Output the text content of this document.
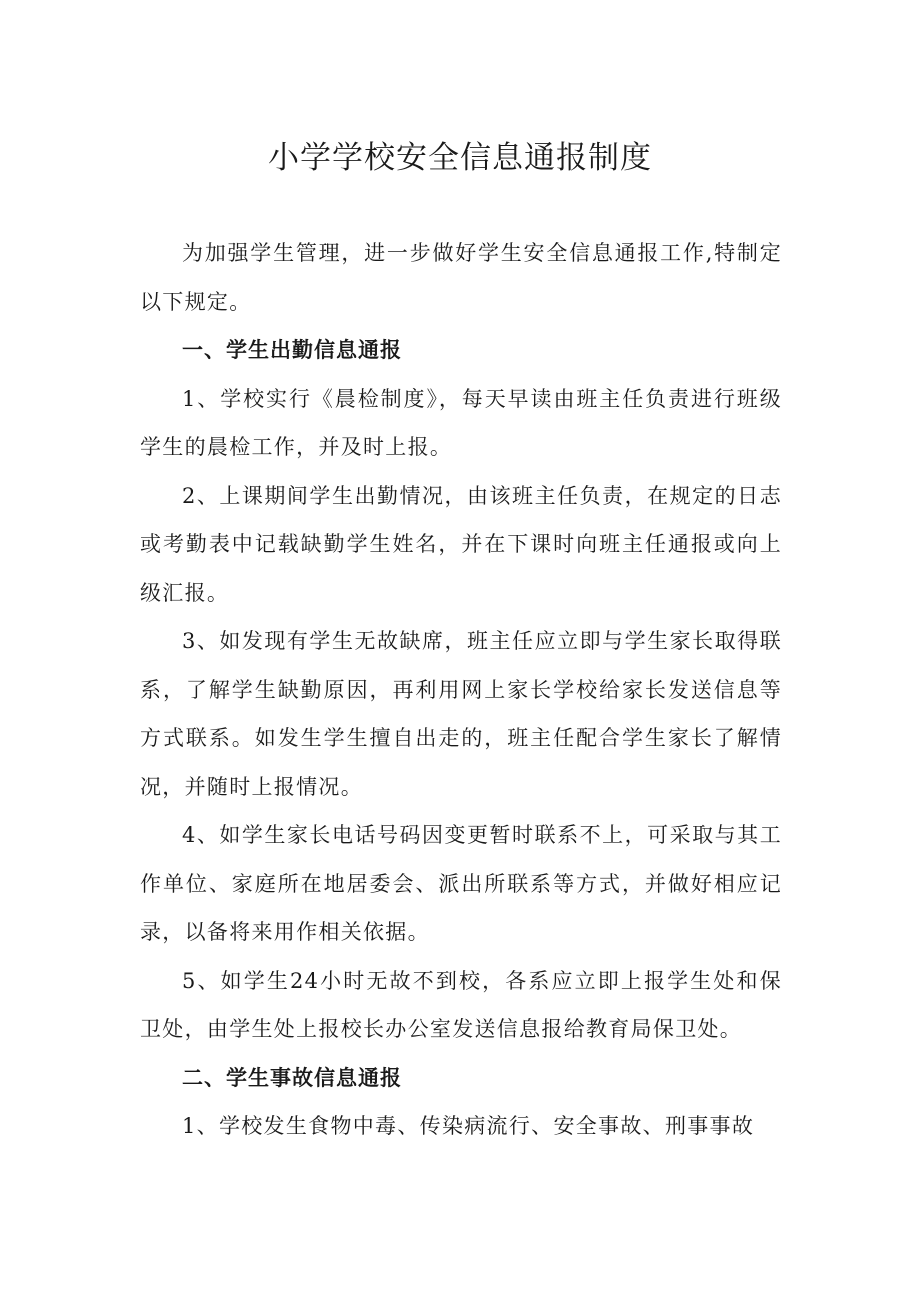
小学学校安全信息通报制度

为加强学生管理，进一步做好学生安全信息通报工作,特制定以下规定。

一、学生出勤信息通报

1、学校实行《晨检制度》，每天早读由班主任负责进行班级学生的晨检工作，并及时上报。

2、上课期间学生出勤情况，由该班主任负责，在规定的日志或考勤表中记载缺勤学生姓名，并在下课时向班主任通报或向上级汇报。

3、如发现有学生无故缺席，班主任应立即与学生家长取得联系，了解学生缺勤原因，再利用网上家长学校给家长发送信息等方式联系。如发生学生擅自出走的，班主任配合学生家长了解情况，并随时上报情况。

4、如学生家长电话号码因变更暂时联系不上，可采取与其工作单位、家庭所在地居委会、派出所联系等方式，并做好相应记录，以备将来用作相关依据。

5、如学生24小时无故不到校，各系应立即上报学生处和保卫处，由学生处上报校长办公室发送信息报给教育局保卫处。

二、学生事故信息通报

1、学校发生食物中毒、传染病流行、安全事故、刑事事故
